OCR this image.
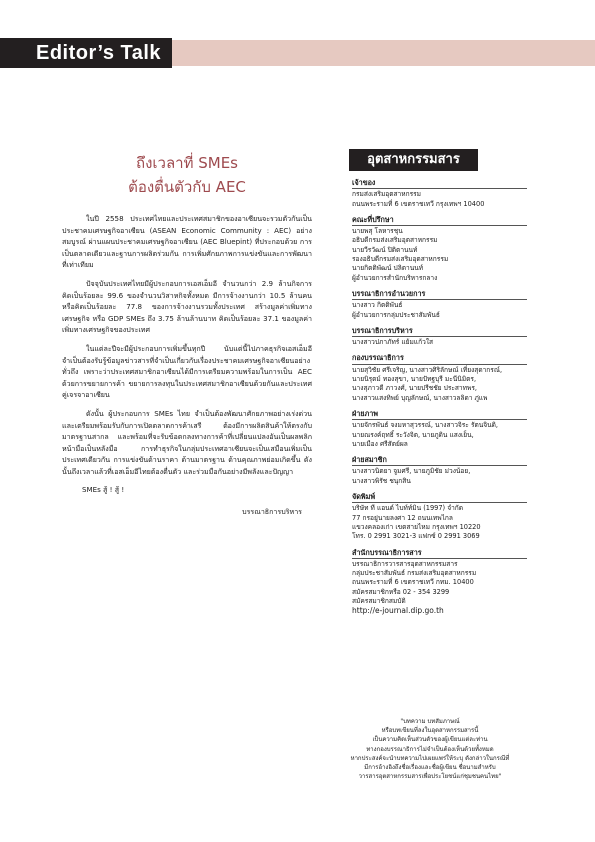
Editor’s Talk
ถึงเวลาที่ SMEs
ต้องตื่นตัวกับ AEC

ในปี 2558 ประเทศไทยและประเทศสมาชิกของอาเซียนจะรวมตัวกันเป็นประชาคมเศรษฐกิจอาเซียน (ASEAN Economic Community : AEC) อย่างสมบูรณ์ ผ่านแผนประชาคมเศรษฐกิจอาเซียน (AEC Bluepint) ที่ประกอบด้วย การเป็นตลาดเดียวและฐานการผลิตร่วมกัน การเพิ่มศักยภาพการแข่งขันและการพัฒนาที่เท่าเทียม

ปัจจุบันประเทศไทยมีผู้ประกอบการเอสเอ็มอี จำนวนกว่า 2.9 ล้านกิจการ คิดเป็นร้อยละ 99.6 ของจำนวนวิสาหกิจทั้งหมด มีการจ้างงานกว่า 10.5 ล้านคน หรือคิดเป็นร้อยละ 77.8 ของการจ้างงานรวมทั้งประเทศ สร้างมูลค่าเพิ่มทางเศรษฐกิจ หรือ GDP SMEs ถึง 3.75 ล้านล้านบาท คิดเป็นร้อยละ 37.1 ของมูลค่าเพิ่มทางเศรษฐกิจของประเทศ

ในแต่ละปีจะมีผู้ประกอบการเพิ่มขึ้นทุกปี นับแต่นี้ไปภาคธุรกิจเอสเอ็มอีจำเป็นต้องรับรู้ข้อมูลข่าวสารที่จำเป็นเกี่ยวกับเรื่องประชาคมเศรษฐกิจอาเซียนอย่างทั่วถึง เพราะว่าประเทศสมาชิกอาเซียนได้มีการเตรียมความพร้อมในการเป็น AEC ด้วยการขยายการค้า ขยายการลงทุนในประเทศสมาชิกอาเซียนด้วยกันและประเทศคู่เจรจาอาเซียน

ดังนั้น ผู้ประกอบการ SMEs ไทย จำเป็นต้องพัฒนาศักยภาพอย่างเร่งด่วน และเตรียมพร้อมรับกับการเปิดตลาดการค้าเสรี ต้องมีการผลิตสินค้าให้ตรงกับมาตรฐานสากล และพร้อมที่จะรับข้อตกลงทางการค้าที่เปลี่ยนแปลงอันเป็นผลพลิกหน้ามือเป็นหลังมือ การทำธุรกิจในกลุ่มประเทศอาเซียนจะเป็นเสมือนเพิ่มเป็นประเทศเดียวกัน การแข่งขันด้านราคา ด้านมาตรฐาน ด้านคุณภาพย่อมเกิดขึ้น ดังนั้นถึงเวลาแล้วที่เอสเอ็มอีไทยต้องตื่นตัว และร่วมมือกันอย่างมีพลังและปัญญา

SMEs สู้ ! สู้ !

บรรณาธิการบริหาร

อุตสาหกรรมสาร
เจ้าของ
กรมส่งเสริมอุตสาหกรรม
ถนนพระรามที่ 6 เขตราชเทวี กรุงเทพฯ 10400
คณะที่ปรึกษา
นายพสุ โลหารชุน
อธิบดีกรมส่งเสริมอุตสาหกรรม
นายวีรวัฒน์ ปิติตานนท์
รองอธิบดีกรมส่งเสริมอุตสาหกรรม
นายกิตติพัฒน์ ปลิตานนท์
ผู้อำนวยการสำนักบริหารกลาง
บรรณาธิการอำนวยการ
นางสาว กิตติพันธ์
ผู้อำนวยการกลุ่มประชาสัมพันธ์
บรรณาธิการบริหาร
นางสาวปภาภัทร์ แย้มแก้วใส
กองบรรณาธิการ
นายสุวิชัย ศรีเจริญ, นางสาวศิริลักษณ์ เที่ยงสุดากรณ์,
นายนิรุตม์ ทองสุขา, นายปัทฐบุรี มะนีนิมิตร,
นางสุภาวดี ภาวงศ์, นายปรีชชัย ประสาทพร,
นางสาวแสงทิพย์ บุญลักษณ์, นางสาวลลิดา ภู่แพ
ฝ่ายภาพ
นายจักรพันธ์ จงมหาสุวรรณ์, นางสาวจิระ รัตนจินดิ,
นายณรงค์ฤทธิ์ ระวังจิต, นายภูดิน แสงเย็น,
นายเมือง ศรีสัตย์ผล
ฝ่ายสมาชิก
นางสาวนิตยา จูมศรี, นายภูมิชัย ม่วงน้อย,
นางสาวพิรัช ชนุกสิน
จัดพิมพ์
บริษัท ที แอนด์ ไบท์ท์มิน (1997) จำกัด
77 กรอยู่นายลงศา 12 ถนนเทพไกล
แขวงคลองเก่า เขตสายไหม กรุงเทพฯ 10220
โทร. 0 2991 3021-3 แฟกซ์ 0 2991 3069
สำนักบรรณาธิการสาร
บรรณาธิการวารสารอุตสาหกรรมสาร
กลุ่มประชาสัมพันธ์ กรมส่งเสริมอุตสาหกรรม
ถนนพระรามที่ 6 เขตราชเทวี กทม. 10400
สมัครสมาชิกหรือ 02 - 354 3299
สมัครสมาชิกสมบัติ
http://e-journal.dip.go.th
"บทความ บทสัมภาษณ์
หรือบทเขียนที่ลงในอุตสาหกรรมสารนี้
เป็นความคิดเห็นส่วนตัวของผู้เขียนแต่ละท่าน
ทางกองบรรณาธิการไม่จำเป็นต้องเห็นด้วยทั้งหมด
หากประสงค์จะนำบทความไปเผยแพร่ให้ระบุ ดังกล่าวในกรณีที่มีการอ้างอิงถึงชื่อเรื่องและชื่อผู้เขียน ชื่อนามสำหรับ
วารสารอุตสาหกรรมสารเพื่อประโยชน์แก่ชุมชนคนไทย"
